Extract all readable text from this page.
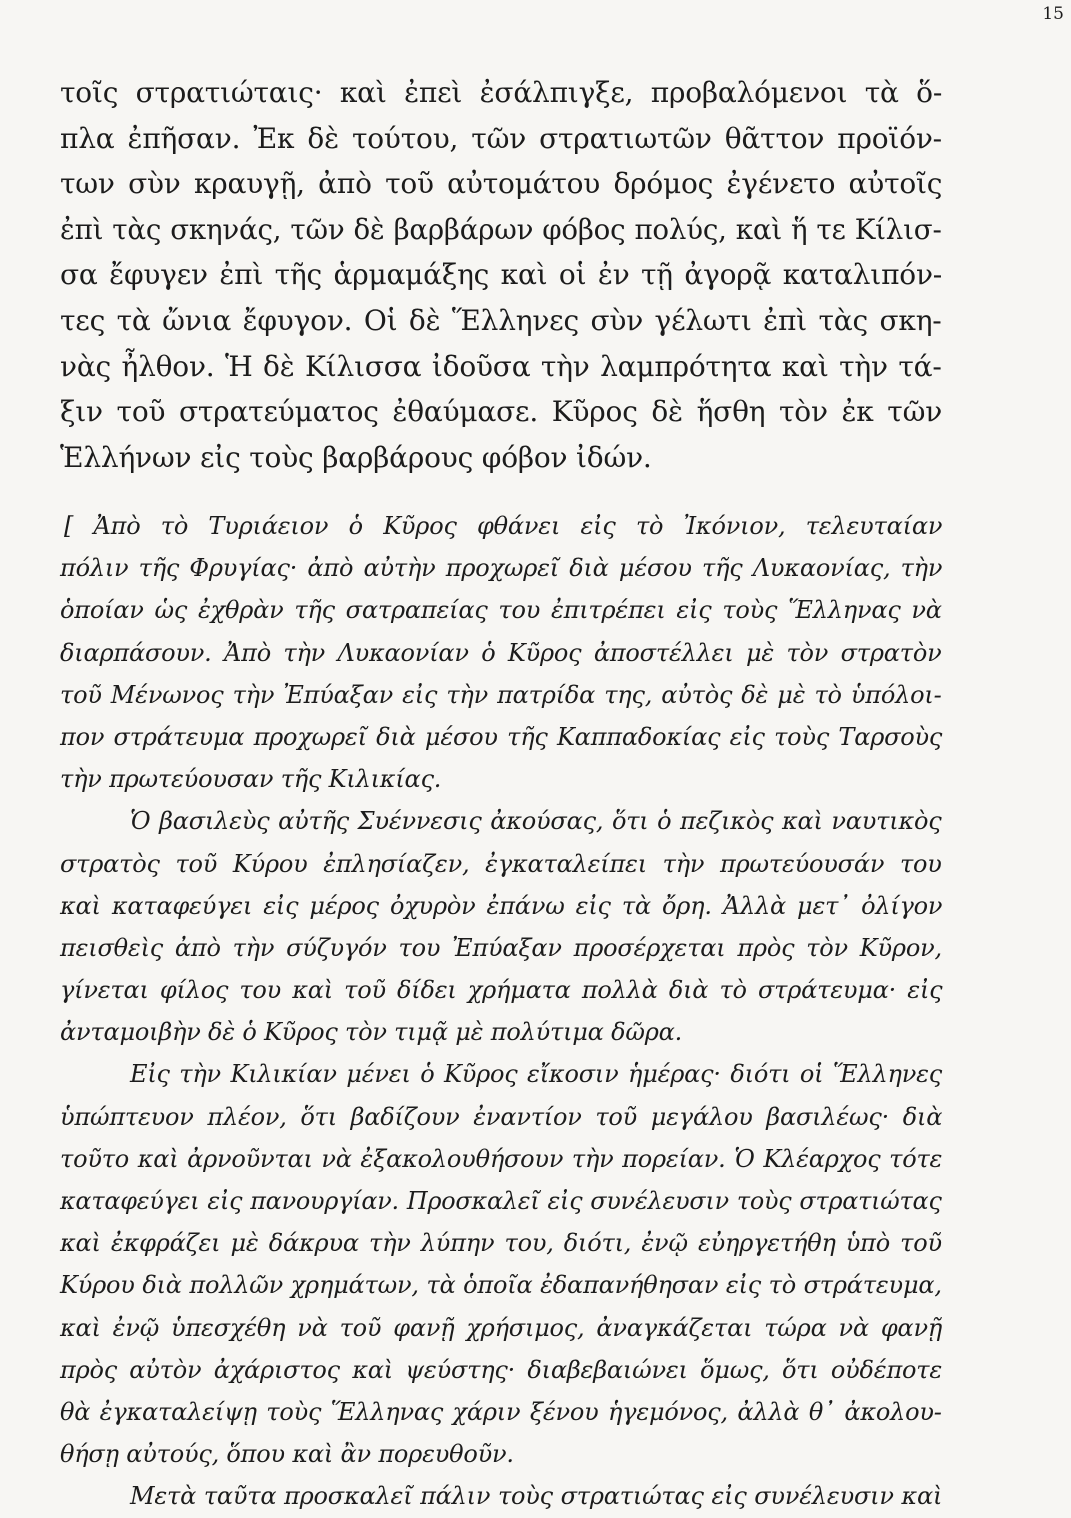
15
τοῖς στρατιώταις· καὶ ἐπεὶ ἐσάλπιγξε, προβαλόμενοι τὰ ὅ-
πλα ἐπῆσαν. Ἐκ δὲ τούτου, τῶν στρατιωτῶν θᾶττον προϊόν-
των σὺν κραυγῇ, ἀπὸ τοῦ αὐτομάτου δρόμος ἐγένετο αὐτοῖς
ἐπὶ τὰς σκηνάς, τῶν δὲ βαρβάρων φόβος πολύς, καὶ ἥ τε Κίλισ-
σα ἔφυγεν ἐπὶ τῆς ἁρμαμάξης καὶ οἱ ἐν τῇ ἀγορᾷ καταλιπόν-
τες τὰ ὤνια ἔφυγον. Οἱ δὲ Ἕλληνες σὺν γέλωτι ἐπὶ τὰς σκη-
νὰς ἦλθον. Ἡ δὲ Κίλισσα ἰδοῦσα τὴν λαμπρότητα καὶ τὴν τά-
ξιν τοῦ στρατεύματος ἐθαύμασε. Κῦρος δὲ ἥσθη τὸν ἐκ τῶν
Ἑλλήνων εἰς τοὺς βαρβάρους φόβον ἰδών.
[ Ἀπὸ τὸ Τυριάειον ὁ Κῦρος φθάνει εἰς τὸ Ἰκόνιον, τελευταίαν
πόλιν τῆς Φρυγίας· ἀπὸ αὐτὴν προχωρεῖ διὰ μέσου τῆς Λυκαονίας, τὴν
ὁποίαν ὡς ἐχθρὰν τῆς σατραπείας του ἐπιτρέπει εἰς τοὺς Ἕλληνας νὰ
διαρπάσουν. Ἀπὸ τὴν Λυκαονίαν ὁ Κῦρος ἀποστέλλει μὲ τὸν στρατὸν
τοῦ Μένωνος τὴν Ἐπύαξαν εἰς τὴν πατρίδα της, αὐτὸς δὲ μὲ τὸ ὑπόλοι-
πον στράτευμα προχωρεῖ διὰ μέσου τῆς Καππαδοκίας εἰς τοὺς Ταρσοὺς
τὴν πρωτεύουσαν τῆς Κιλικίας.
Ὁ βασιλεὺς αὐτῆς Συέννεσις ἀκούσας, ὅτι ὁ πεζικὸς καὶ ναυτικὸς
στρατὸς τοῦ Κύρου ἐπλησίαζεν, ἐγκαταλείπει τὴν πρωτεύουσάν του
καὶ καταφεύγει εἰς μέρος ὀχυρὸν ἐπάνω εἰς τὰ ὄρη. Ἀλλὰ μετ᾽ ὀλίγον
πεισθεὶς ἀπὸ τὴν σύζυγόν του Ἐπύαξαν προσέρχεται πρὸς τὸν Κῦρον,
γίνεται φίλος του καὶ τοῦ δίδει χρήματα πολλὰ διὰ τὸ στράτευμα· εἰς
ἀνταμοιβὴν δὲ ὁ Κῦρος τὸν τιμᾷ μὲ πολύτιμα δῶρα.
Εἰς τὴν Κιλικίαν μένει ὁ Κῦρος εἴκοσιν ἡμέρας· διότι οἱ Ἕλληνες
ὑπώπτευον πλέον, ὅτι βαδίζουν ἐναντίον τοῦ μεγάλου βασιλέως· διὰ
τοῦτο καὶ ἀρνοῦνται νὰ ἐξακολουθήσουν τὴν πορείαν. Ὁ Κλέαρχος τότε
καταφεύγει εἰς πανουργίαν. Προσκαλεῖ εἰς συνέλευσιν τοὺς στρατιώτας
καὶ ἐκφράζει μὲ δάκρυα τὴν λύπην του, διότι, ἐνῷ εὐηργετήθη ὑπὸ τοῦ
Κύρου διὰ πολλῶν χρημάτων, τὰ ὁποῖα ἐδαπανήθησαν εἰς τὸ στράτευμα,
καὶ ἐνῷ ὑπεσχέθη νὰ τοῦ φανῇ χρήσιμος, ἀναγκάζεται τώρα νὰ φανῇ
πρὸς αὐτὸν ἀχάριστος καὶ ψεύστης· διαβεβαιώνει ὅμως, ὅτι οὐδέποτε
θὰ ἐγκαταλείψῃ τοὺς Ἕλληνας χάριν ξένου ἡγεμόνος, ἀλλὰ θ᾽ ἀκολου-
θήσῃ αὐτούς, ὅπου καὶ ἂν πορευθοῦν.
Μετὰ ταῦτα προσκαλεῖ πάλιν τοὺς στρατιώτας εἰς συνέλευσιν καὶ
